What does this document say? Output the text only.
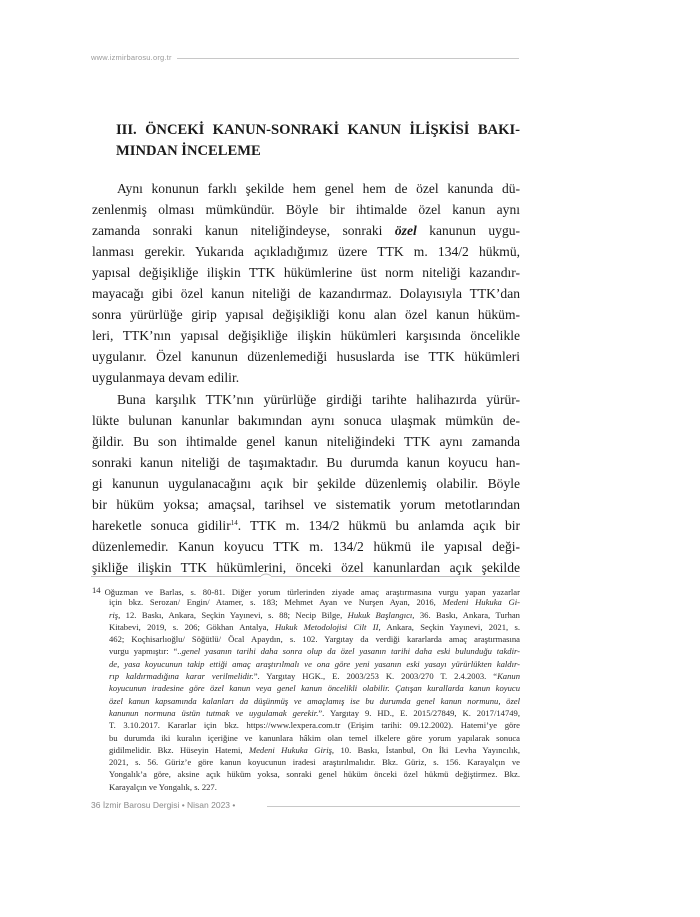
www.izmirbarosu.org.tr
III. ÖNCEKİ KANUN-SONRAKİ KANUN İLİŞKİSİ BAKI-
MINDAN İNCELEME
Aynı konunun farklı şekilde hem genel hem de özel kanunda dü-
zenlenmiş olması mümkündür. Böyle bir ihtimalde özel kanun aynı
zamanda sonraki kanun niteliğindeyse, sonraki özel kanunun uygu-
lanması gerekir. Yukarıda açıkladığımız üzere TTK m. 134/2 hükmü,
yapısal değişikliğe ilişkin TTK hükümlerine üst norm niteliği kazandır-
mayacağı gibi özel kanun niteliği de kazandırmaz. Dolayısıyla TTK’dan
sonra yürürlüğe girip yapısal değişikliği konu alan özel kanun hüküm-
leri, TTK’nın yapısal değişikliğe ilişkin hükümleri karşısında öncelikle
uygulanır. Özel kanunun düzenlemediği hususlarda ise TTK hükümleri
uygulanmaya devam edilir.
Buna karşılık TTK’nın yürürlüğe girdiği tarihte halihazırda yürür-
lükte bulunan kanunlar bakımından aynı sonuca ulaşmak mümkün de-
ğildir. Bu son ihtimalde genel kanun niteliğindeki TTK aynı zamanda
sonraki kanun niteliği de taşımaktadır. Bu durumda kanun koyucu han-
gi kanunun uygulanacağını açık bir şekilde düzenlemiş olabilir. Böyle
bir hüküm yoksa; amaçsal, tarihsel ve sistematik yorum metotlarından
hareketle sonuca gidilir$^{14}$. TTK m. 134/2 hükmü bu anlamda açık bir
düzenlemedir. Kanun koyucu TTK m. 134/2 hükmü ile yapısal deği-
şikliğe ilişkin TTK hükümlerini, önceki özel kanunlardan açık şekilde
14 Oğuzman ve Barlas, s. 80-81. Diğer yorum türlerinden ziyade amaç araştırmasına vurgu yapan yazarlar
için bkz. Serozan/ Engin/ Atamer, s. 183; Mehmet Ayan ve Nurşen Ayan, 2016, Medeni Hukuka Gi-
riş, 12. Baskı, Ankara, Seçkin Yayınevi, s. 88; Necip Bilge, Hukuk Başlangıcı, 36. Baskı, Ankara, Turhan
Kitabevi, 2019, s. 206; Gökhan Antalya, Hukuk Metodolojisi Cilt II, Ankara, Seçkin Yayınevi, 2021, s.
462; Koçhisarlıoğlu/ Söğütlü/ Öcal Apaydın, s. 102. Yargıtay da verdiği kararlarda amaç araştırmasına
vurgu yapmıştır: “..genel yasanın tarihi daha sonra olup da özel yasanın tarihi daha eski bulunduğu takdir-
de, yasa koyucunun takip ettiği amaç araştırılmalı ve ona göre yeni yasanın eski yasayı yürürlükten kaldır-
rıp kaldırmadığına karar verilmelidir.”. Yargıtay HGK., E. 2003/253 K. 2003/270 T. 2.4.2003. “Kanun
koyucunun iradesine göre özel kanun veya genel kanun öncelikli olabilir. Çatışan kurallarda kanun koyucu
özel kanun kapsamında kalanları da düşünmüş ve amaçlamış ise bu durumda genel kanun normunu, özel
kanunun normuna üstün tutmak ve uygulamak gerekir.”. Yargıtay 9. HD., E. 2015/27849, K. 2017/14749,
T. 3.10.2017. Kararlar için bkz. https://www.lexpera.com.tr (Erişim tarihi: 09.12.2002). Hatemi’ye göre
bu durumda iki kuralın içeriğine ve kanunlara hâkim olan temel ilkelere göre yorum yapılarak sonuca
gidilmelidir. Bkz. Hüseyin Hatemi, Medeni Hukuka Giriş, 10. Baskı, İstanbul, On İki Levha Yayıncılık,
2021, s. 56. Güriz’e göre kanun koyucunun iradesi araştırılmalıdır. Bkz. Güriz, s. 156. Karayalçın ve
Yongalık’a göre, aksine açık hüküm yoksa, sonraki genel hüküm önceki özel hükmü değiştirmez. Bkz.
Karayalçın ve Yongalık, s. 227.
36 İzmir Barosu Dergisi • Nisan 2023 •
